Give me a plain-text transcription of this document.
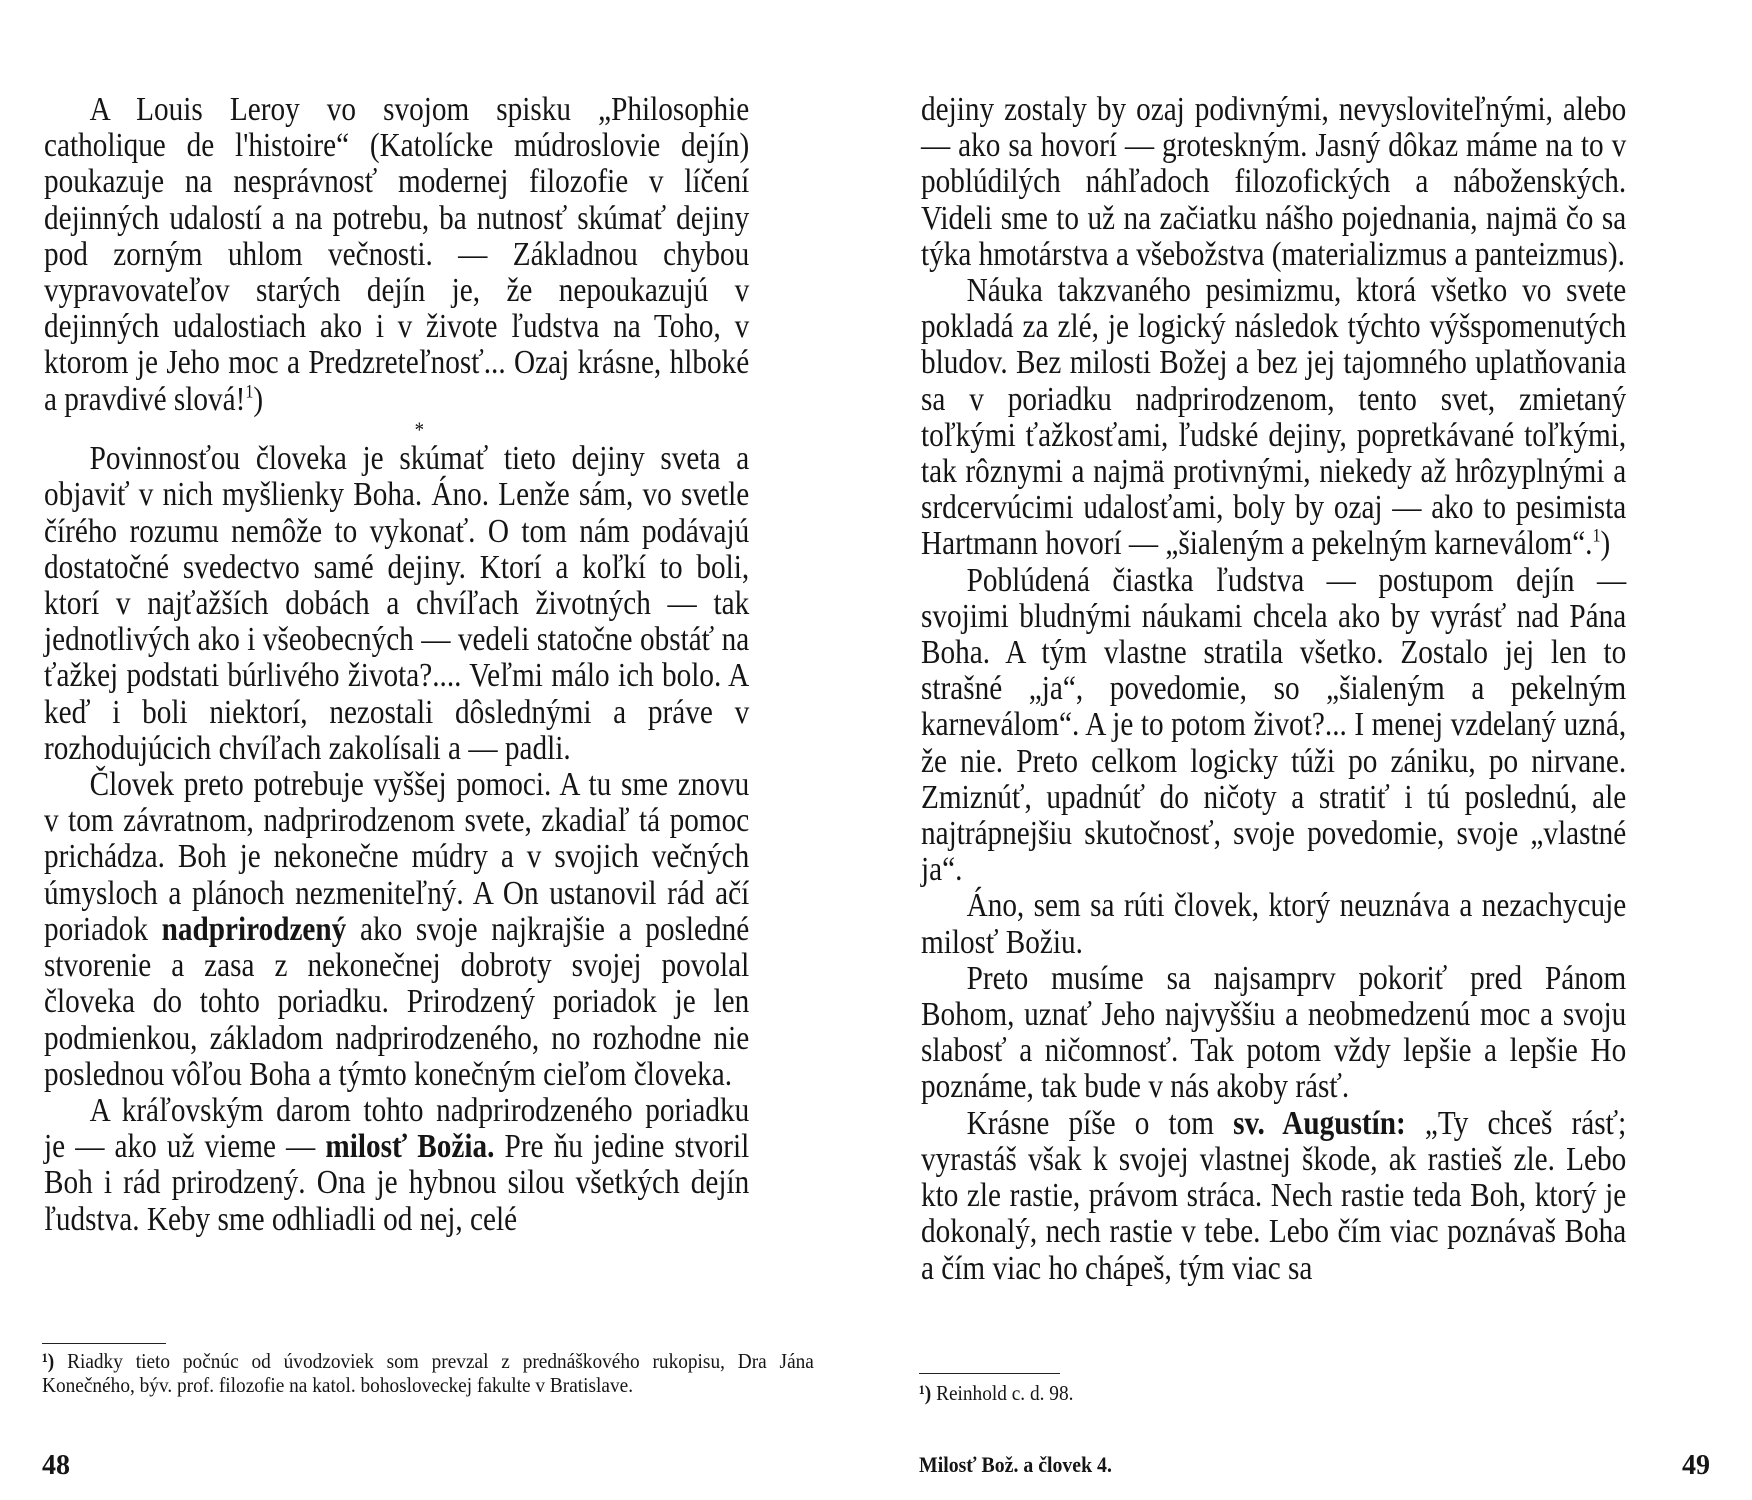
A Louis Leroy vo svojom spisku „Philosophie catholique de l'histoire“ (Katolícke múdroslovie dejín) poukazuje na nesprávnosť modernej filozofie v líčení dejinných udalostí a na potrebu, ba nutnosť skúmať dejiny pod zorným uhlom večnosti. — Základnou chybou vypravovateľov starých dejín je, že nepoukazujú v dejinných udalostiach ako i v živote ľudstva na Toho, v ktorom je Jeho moc a Predzreteľnosť... Ozaj krásne, hlboké a pravdivé slová!$^1$)

*

Povinnosťou človeka je skúmať tieto dejiny sveta a objaviť v nich myšlienky Boha. Áno. Lenže sám, vo svetle čírého rozumu nemôže to vykonať. O tom nám podávajú dostatočné svedectvo samé dejiny. Ktorí a koľkí to boli, ktorí v najťažších dobách a chvíľach životných — tak jednotlivých ako i všeobecných — vedeli statočne obstáť na ťažkej podstati búrlivého života?.... Veľmi málo ich bolo. A keď i boli niektorí, nezostali dôslednými a práve v rozhodujúcich chvíľach zakolísali a — padli.

Človek preto potrebuje vyššej pomoci. A tu sme znovu v tom závratnom, nadprirodzenom svete, zkadiaľ tá pomoc prichádza. Boh je nekonečne múdry a v svojich večných úmysloch a plánoch nezmeniteľný. A On ustanovil rád ačí poriadok nadprirodzený ako svoje najkrajšie a posledné stvorenie a zasa z nekonečnej dobroty svojej povolal človeka do tohto poriadku. Prirodzený poriadok je len podmienkou, základom nadprirodzeného, no rozhodne nie poslednou vôľou Boha a týmto konečným cieľom človeka.

A kráľovským darom tohto nadprirodzeného poriadku je — ako už vieme — milosť Božia. Pre ňu jedine stvoril Boh i rád prirodzený. Ona je hybnou silou všetkých dejín ľudstva. Keby sme odhliadli od nej, celé

¹) Riadky tieto počnúc od úvodzoviek som prevzal z prednáškového rukopisu, Dra Jána Konečného, býv. prof. filozofie na katol. bohosloveckej fakulte v Bratislave.
48

dejiny zostaly by ozaj podivnými, nevysloviteľnými, alebo — ako sa hovorí — groteskným. Jasný dôkaz máme na to v poblúdilých náhľadoch filozofických a náboženských. Videli sme to už na začiatku nášho pojednania, najmä čo sa týka hmotárstva a všebožstva (materializmus a panteizmus).

Náuka takzvaného pesimizmu, ktorá všetko vo svete pokladá za zlé, je logický následok týchto výšspomenutých bludov. Bez milosti Božej a bez jej tajomného uplatňovania sa v poriadku nadprirodzenom, tento svet, zmietaný toľkými ťažkosťami, ľudské dejiny, popretkávané toľkými, tak rôznymi a najmä protivnými, niekedy až hrôzyplnými a srdcervúcimi udalosťami, boly by ozaj — ako to pesimista Hartmann hovorí — „šialeným a pekelným karneválom“.$^1$)

Poblúdená čiastka ľudstva — postupom dejín — svojimi bludnými náukami chcela ako by vyrásť nad Pána Boha. A tým vlastne stratila všetko. Zostalo jej len to strašné „ja“, povedomie, so „šialeným a pekelným karneválom“. A je to potom život?... I menej vzdelaný uzná, že nie. Preto celkom logicky túži po zániku, po nirvane. Zmiznúť, upadnúť do ničoty a stratiť i tú poslednú, ale najtrápnejšiu skutočnosť, svoje povedomie, svoje „vlastné ja“.

Áno, sem sa rúti človek, ktorý neuznáva a nezachycuje milosť Božiu.

Preto musíme sa najsamprv pokoriť pred Pánom Bohom, uznať Jeho najvyššiu a neobmedzenú moc a svoju slabosť a ničomnosť. Tak potom vždy lepšie a lepšie Ho poznáme, tak bude v nás akoby rásť.

Krásne píše o tom sv. Augustín: „Ty chceš rásť; vyrastáš však k svojej vlastnej škode, ak rastieš zle. Lebo kto zle rastie, právom stráca. Nech rastie teda Boh, ktorý je dokonalý, nech rastie v tebe. Lebo čím viac poznávaš Boha a čím viac ho chápeš, tým viac sa

¹) Reinhold c. d. 98.
Milosť Bož. a človek 4.	49
